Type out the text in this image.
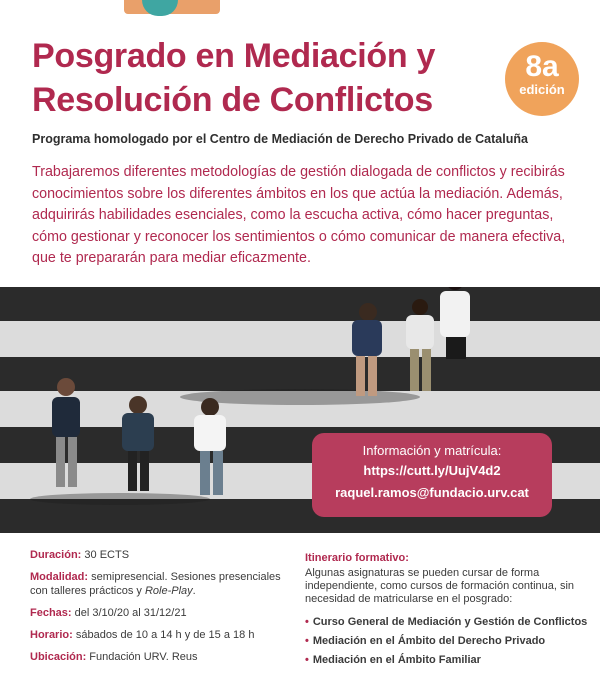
Posgrado en Mediación y
Resolución de Conflictos
8a
edición
Programa homologado por el Centro de Mediación de Derecho Privado de Cataluña

Trabajaremos diferentes metodologías de gestión dialogada de conflictos y recibirás conocimientos sobre los diferentes ámbitos en los que actúa la mediación. Además, adquirirás habilidades esenciales, como la escucha activa, cómo hacer preguntas, cómo gestionar y reconocer los sentimientos o cómo comunicar de manera efectiva, que te prepararán para mediar eficazmente.

Información y matrícula:
https://cutt.ly/UujV4d2
raquel.ramos@fundacio.urv.cat
Duración: 30 ECTS
Modalidad: semipresencial. Sesiones presenciales con talleres prácticos y Role-Play.
Fechas: del 3/10/20 al 31/12/21
Horario: sábados de 10 a 14 h y de 15 a 18 h
Ubicación: Fundación URV. Reus
Itinerario formativo:
Algunas asignaturas se pueden cursar de forma independiente, como cursos de formación continua, sin necesidad de matricularse en el posgrado:
• Curso General de Mediación y Gestión de Conflictos
• Mediación en el Ámbito del Derecho Privado
• Mediación en el Ámbito Familiar
